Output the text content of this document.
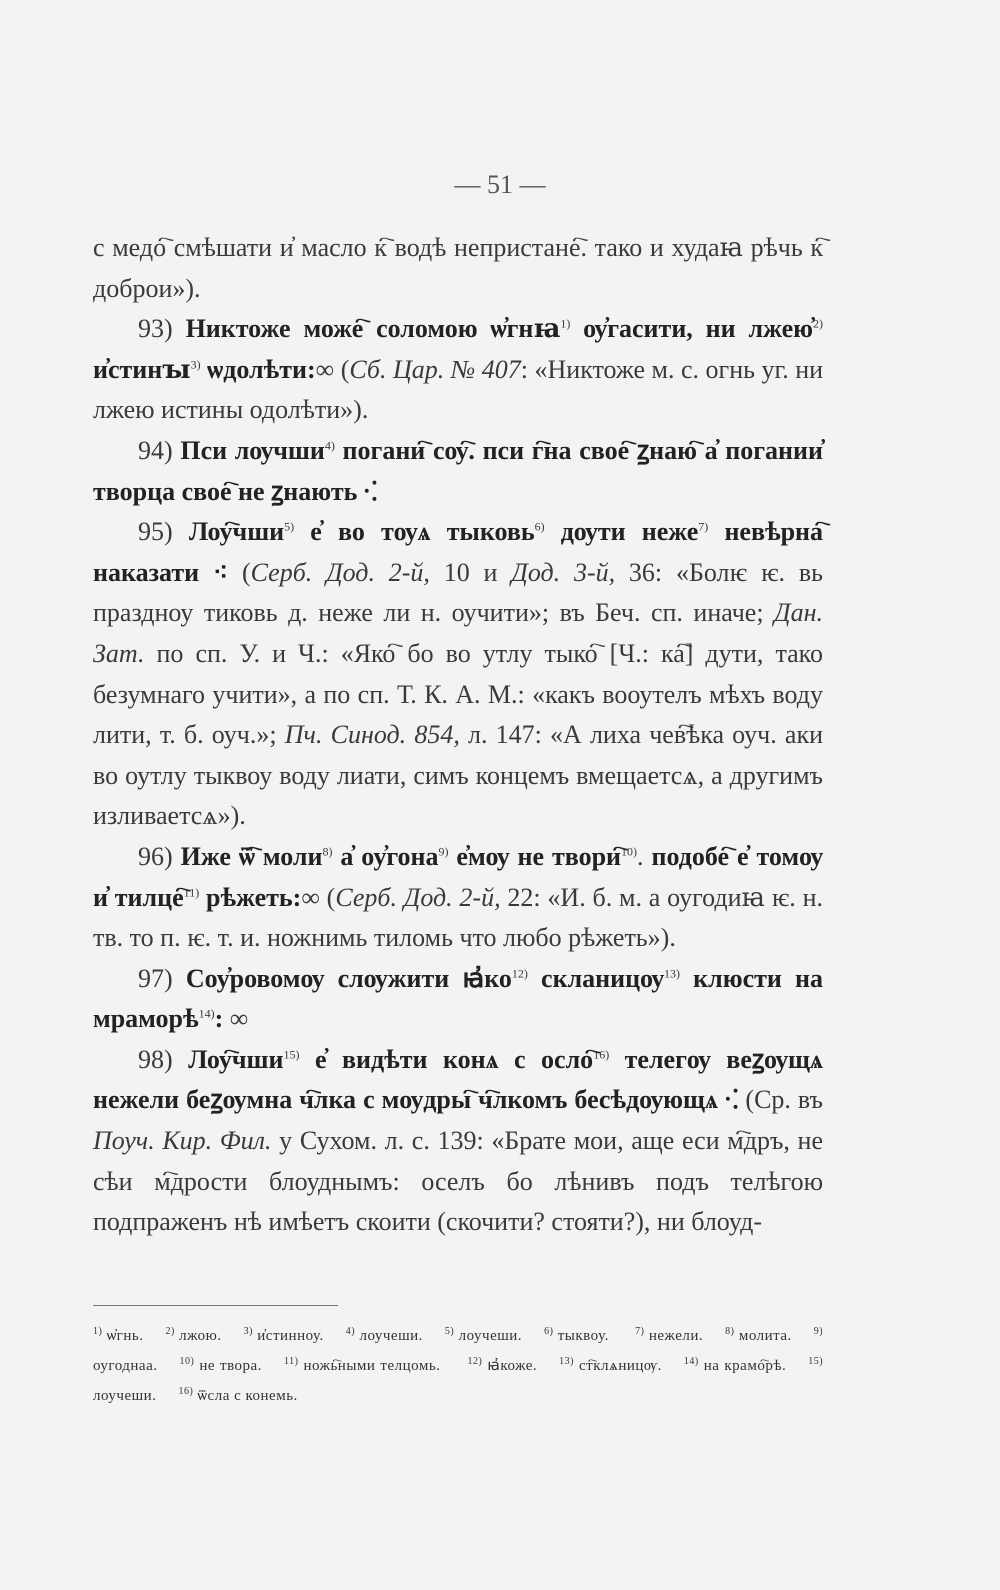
— 51 —

с медо҇ смѣшати и҆ масло к҇ водѣ непристане҇. тако и худаꙗ рѣчь к҇ доброи»).

93) Никтоже може҇ соломою ѡ҆гнꙗ$^{1)}$ ѹ҆гасити, ни лжею҆$^{2)}$ и҆стинꙑ$^{3)}$ ѡдолѣти:∞ (Сб. Цар. № 407: «Никтоже м. с. огнь уг. ни лжею истины одолѣти»).

94) Пси лѹчши$^{4)}$ погани҇ сѹ҇. пси г҇на свое҇ ꙁнаю҇ а҆ погании҆ творца свое҇ не ꙁнають ⁖

95) Лоу҇чши$^{5)}$ е҆ во тѹѧ тыковь$^{6)}$ дѹти неже$^{7)}$ невѣрна҇ наказати ⁖ (Серб. Дод. 2-й, 10 и Дод. 3-й, 36: «Болѥ ѥ. вь праздноу тиковь д. неже ли н. оучити»; въ Беч. сп. иначе; Дан. Зат. по сп. У. и Ч.: «Яко҇ бо во утлу тыко҇ [Ч.: ка҇] дути, тако безумнаго учити», а по сп. Т. К. А. М.: «какъ вооутелъ мѣхъ воду лити, т. б. оуч.»; Пч. Синод. 854, л. 147: «А лиха чев҇ѣка оуч. аки во оутлу тыквоу воду лиати, симъ концемъ вмещаетсѧ, а другимъ изливаетсѧ»).

96) Иже ѿ҇ моли$^{8)}$ а҆ оу҆гона$^{9)}$ е҆мѹ не твори҇$^{10)}$. подобе҇ е҆ томѹ и҆ тилце҇$^{11)}$ рѣжеть:∞ (Серб. Дод. 2-й, 22: «И. б. м. а оугодиꙗ ѥ. н. тв. то п. ѥ. т. и. ножнимь тиломь что любо рѣжеть»).

97) Соу҆ровомѹ слѹжити $ꙗ҆ко^{12)}$ скланицѹ$^{13)}$ клюсти на мраморѣ$^{14)}$: ∞

98) Лоу҇чши$^{15)}$ е҆ видѣти конѧ с осло҇$^{16)}$ телегѹ веꙁѹщѧ нежели беꙁѹмна ч҇лка с мѹдры҇ ч҇лкомъ бесѣдѹющѧ ⁖ (Ср. въ Поуч. Кир. Фил. у Сухом. л. с. 139: «Брате мои, аще еси м҇дръ, не сѣи м҇дрости блоуднымъ: оселъ бо лѣнивъ подъ телѣгою подпраженъ нѣ имѣетъ скоити (скочити? стояти?), ни блоуд-

$^{1)}$ ѡ҆гнь. $^{2)}$ лжою. $^{3)}$ и҆стинноу. $^{4)}$ лоучеши. $^{5)}$ лоучеши. $^{6)}$ тыквоу.	$^{7)}$ нежели. $^{8)}$ молита. $^{9)}$ оугоднаа. $^{10)}$ не твора. $^{11)}$ ножь҇ными телцомь.	$^{12)}$ ꙗ҆коже. $^{13)}$ ст҇клѧницѹ. $^{14)}$ на крамо҇рѣ. $^{15)}$ лоучеши. $^{16)}$ ѿсла с конемь.
